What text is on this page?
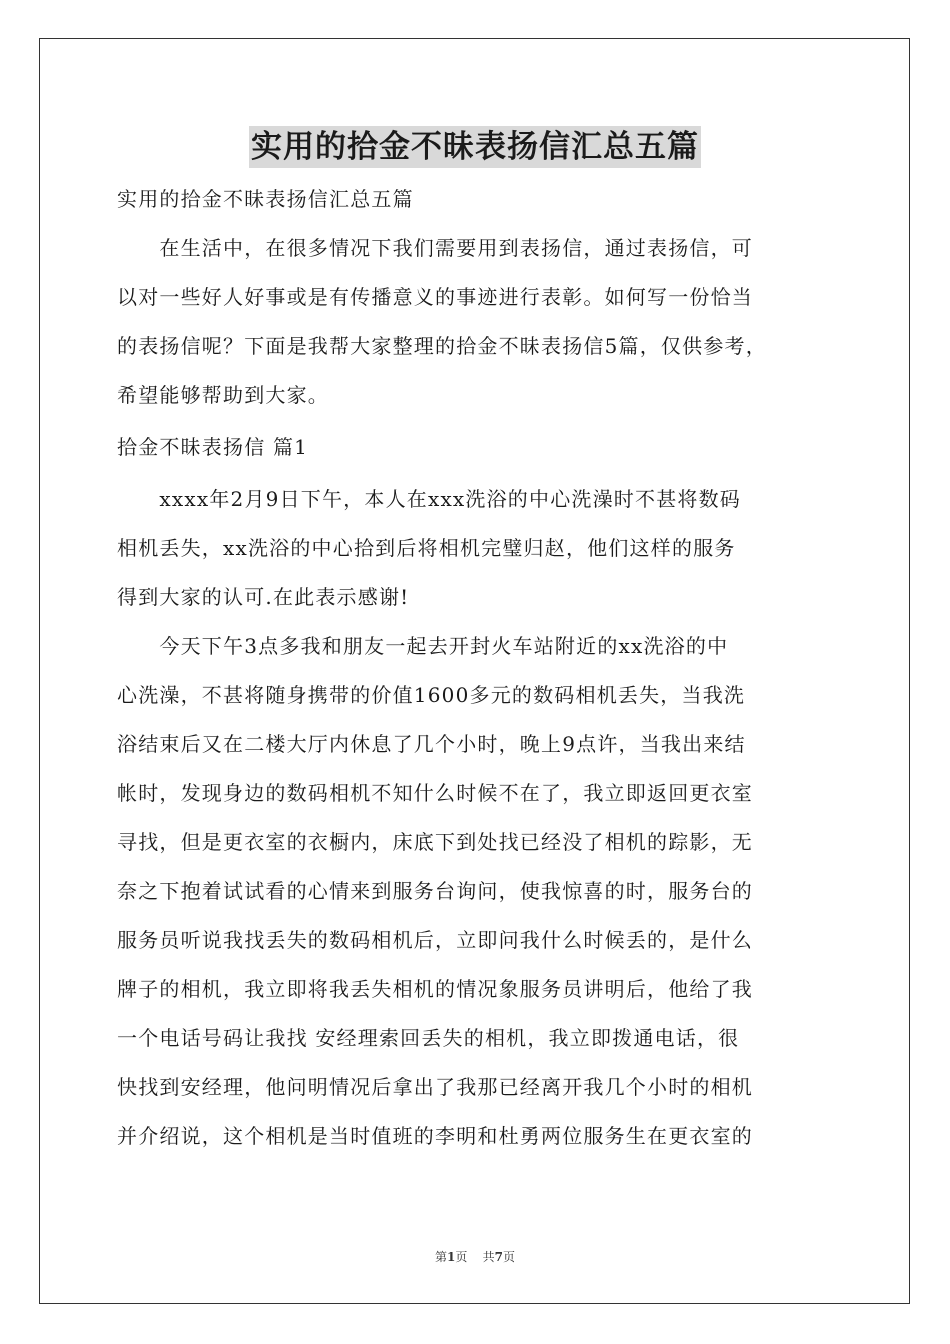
实用的拾金不昧表扬信汇总五篇
实用的拾金不昧表扬信汇总五篇
　　在生活中，在很多情况下我们需要用到表扬信，通过表扬信，可
以对一些好人好事或是有传播意义的事迹进行表彰。如何写一份恰当
的表扬信呢？下面是我帮大家整理的拾金不昧表扬信5篇，仅供参考，
希望能够帮助到大家。
拾金不昧表扬信 篇1
　　xxxx年2月9日下午，本人在xxx洗浴的中心洗澡时不甚将数码
相机丢失，xx洗浴的中心拾到后将相机完璧归赵，他们这样的服务
得到大家的认可.在此表示感谢!
　　今天下午3点多我和朋友一起去开封火车站附近的xx洗浴的中
心洗澡，不甚将随身携带的价值1600多元的数码相机丢失，当我洗
浴结束后又在二楼大厅内休息了几个小时，晚上9点许，当我出来结
帐时，发现身边的数码相机不知什么时候不在了，我立即返回更衣室
寻找，但是更衣室的衣橱内，床底下到处找已经没了相机的踪影，无
奈之下抱着试试看的心情来到服务台询问，使我惊喜的时，服务台的
服务员听说我找丢失的数码相机后，立即问我什么时候丢的，是什么
牌子的相机，我立即将我丢失相机的情况象服务员讲明后，他给了我
一个电话号码让我找 安经理索回丢失的相机，我立即拨通电话，很
快找到安经理，他问明情况后拿出了我那已经离开我几个小时的相机
并介绍说，这个相机是当时值班的李明和杜勇两位服务生在更衣室的
第1页    共7页
